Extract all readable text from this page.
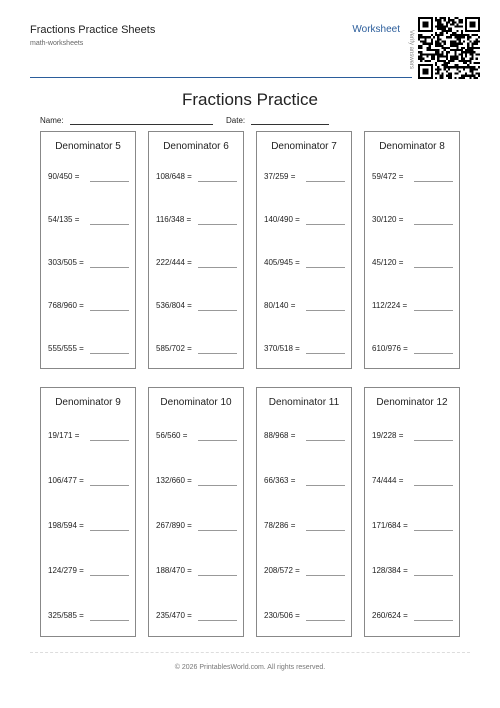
Fractions Practice Sheets
math-worksheets
Worksheet
Verify answers
Fractions Practice
Name:	Date:
Denominator 5
90/450 =
54/135 =
303/505 =
768/960 =
555/555 =
Denominator 6
108/648 =
116/348 =
222/444 =
536/804 =
585/702 =
Denominator 7
37/259 =
140/490 =
405/945 =
80/140 =
370/518 =
Denominator 8
59/472 =
30/120 =
45/120 =
112/224 =
610/976 =
Denominator 9
19/171 =
106/477 =
198/594 =
124/279 =
325/585 =
Denominator 10
56/560 =
132/660 =
267/890 =
188/470 =
235/470 =
Denominator 11
88/968 =
66/363 =
78/286 =
208/572 =
230/506 =
Denominator 12
19/228 =
74/444 =
171/684 =
128/384 =
260/624 =
© 2026 PrintablesWorld.com. All rights reserved.
